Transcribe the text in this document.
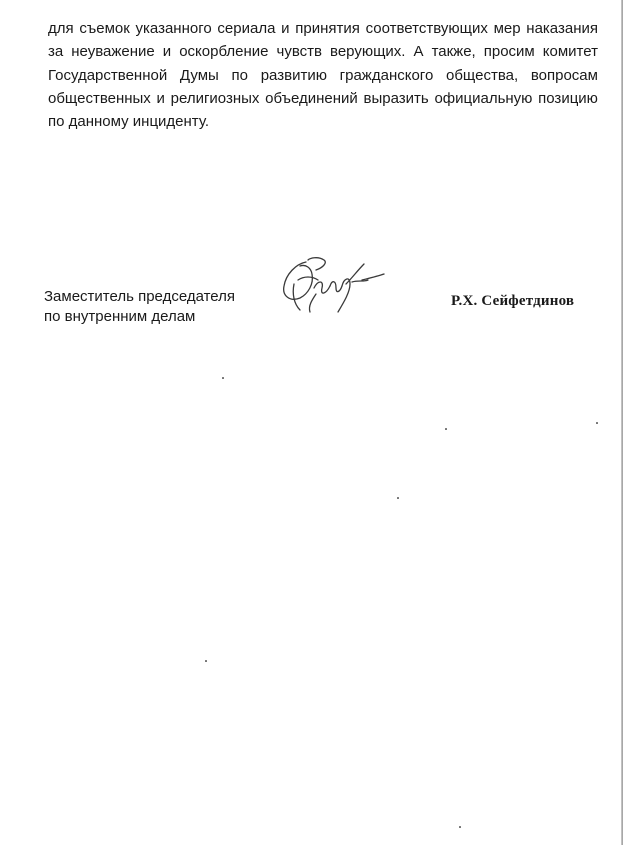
для съемок указанного сериала и принятия соответствующих мер наказания
за неуважение и оскорбление чувств верующих. А также, просим комитет
Государственной Думы по развитию гражданского общества, вопросам
общественных и религиозных объединений выразить официальную позицию
по данному инциденту.
Заместитель председателя
по внутренним делам
Р.Х. Сейфетдинов
